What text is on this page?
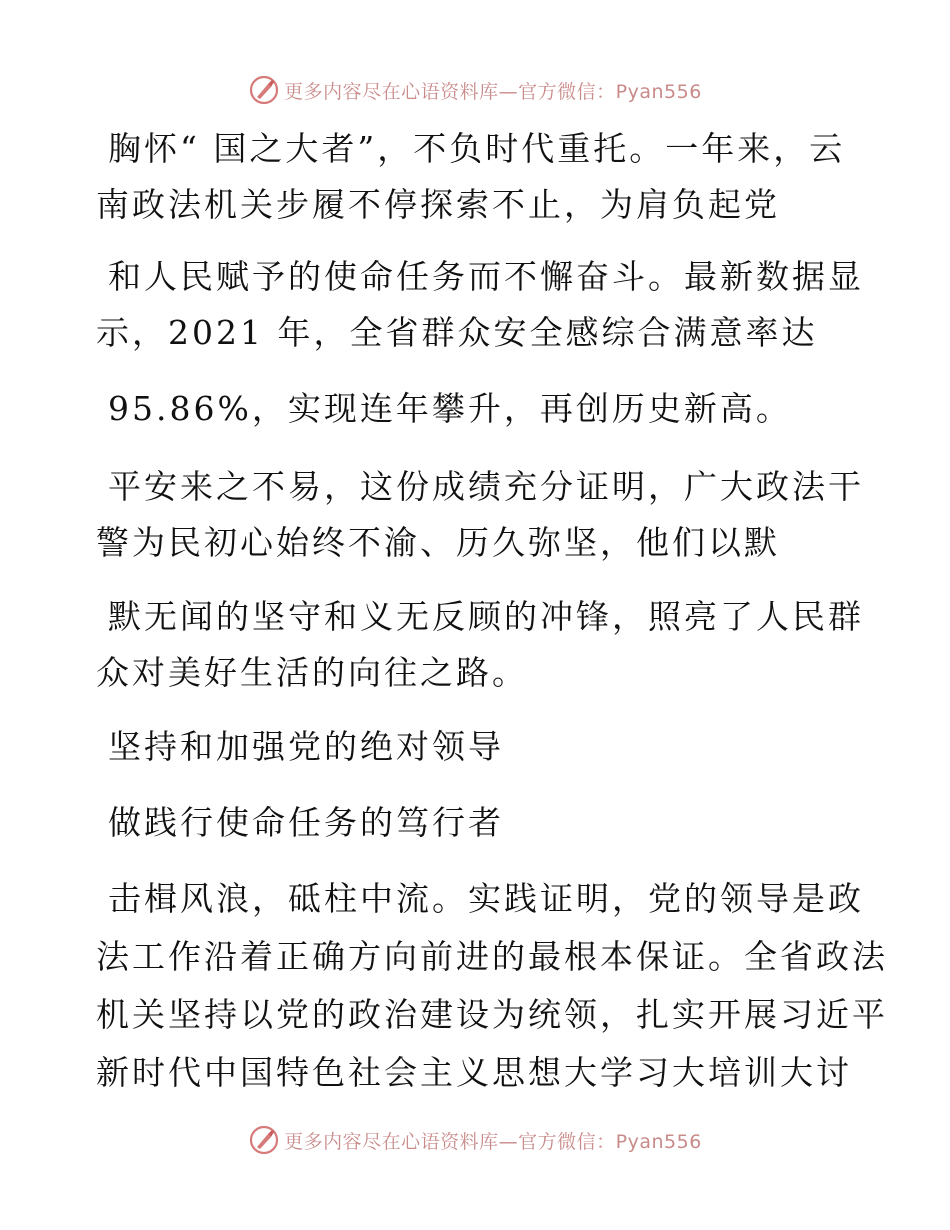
更多内容尽在心语资料库—官方微信：Pyan556
胸怀“ 国之大者”，不负时代重托。一年来，云
南政法机关步履不停探索不止，为肩负起党
和人民赋予的使命任务而不懈奋斗。最新数据显
示，2021 年，全省群众安全感综合满意率达
95.86%，实现连年攀升，再创历史新高。
平安来之不易，这份成绩充分证明，广大政法干
警为民初心始终不渝、历久弥坚，他们以默
默无闻的坚守和义无反顾的冲锋，照亮了人民群
众对美好生活的向往之路。
坚持和加强党的绝对领导
做践行使命任务的笃行者
击楫风浪，砥柱中流。实践证明，党的领导是政
法工作沿着正确方向前进的最根本保证。全省政法
机关坚持以党的政治建设为统领，扎实开展习近平
新时代中国特色社会主义思想大学习大培训大讨
更多内容尽在心语资料库—官方微信：Pyan556
